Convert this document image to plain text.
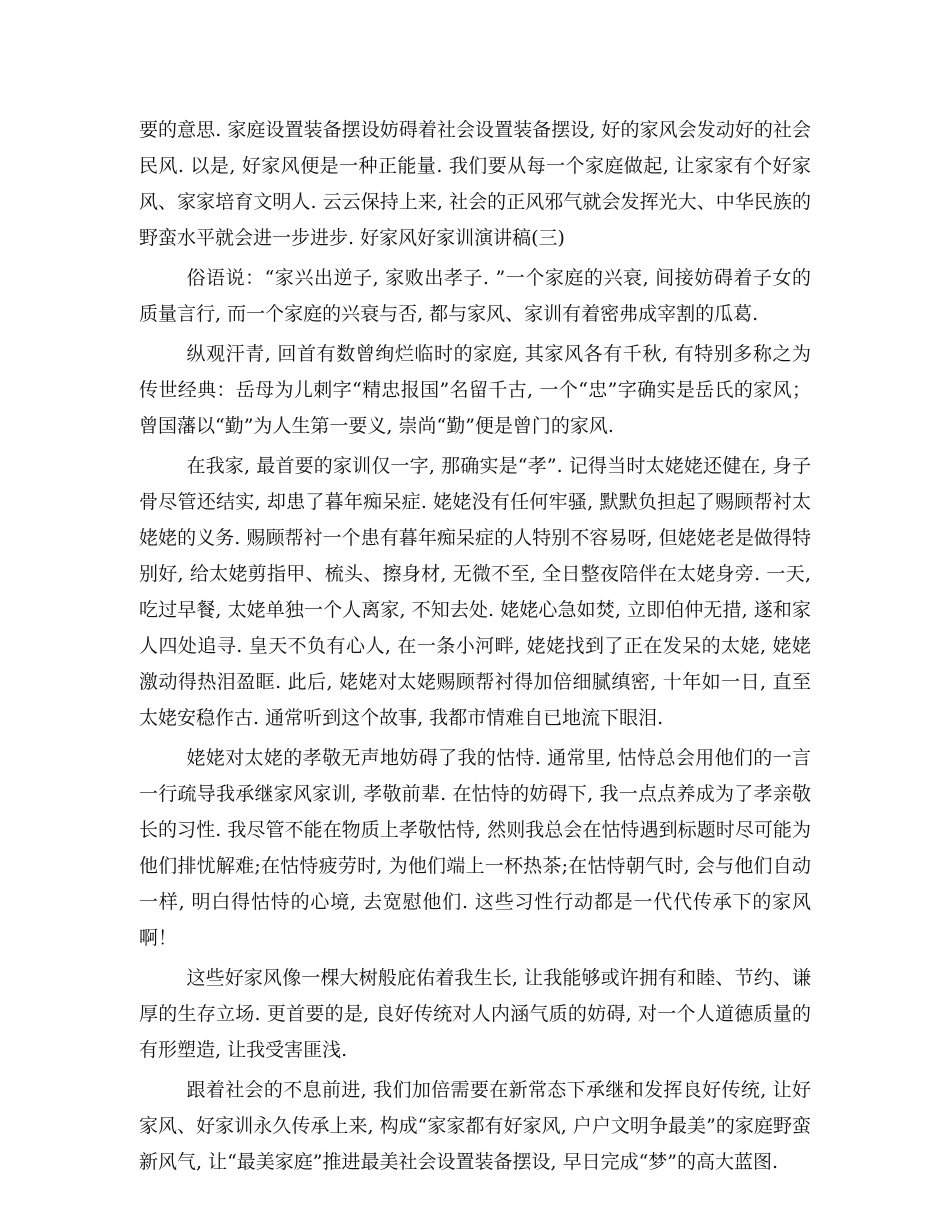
要的意思. 家庭设置装备摆设妨碍着社会设置装备摆设, 好的家风会发动好的社会民风. 以是, 好家风便是一种正能量. 我们要从每一个家庭做起, 让家家有个好家风、家家培育文明人. 云云保持上来, 社会的正风邪气就会发挥光大、中华民族的野蛮水平就会进一步进步. 好家风好家训演讲稿(三)

俗语说：“家兴出逆子, 家败出孝子. ”一个家庭的兴衰, 间接妨碍着子女的质量言行, 而一个家庭的兴衰与否, 都与家风、家训有着密弗成宰割的瓜葛.

纵观汗青, 回首有数曾绚烂临时的家庭, 其家风各有千秋, 有特别多称之为传世经典：岳母为儿刺字“精忠报国”名留千古, 一个“忠”字确实是岳氏的家风；曾国藩以“勤”为人生第一要义, 崇尚“勤”便是曾门的家风.

在我家, 最首要的家训仅一字, 那确实是“孝”. 记得当时太姥姥还健在, 身子骨尽管还结实, 却患了暮年痴呆症. 姥姥没有任何牢骚, 默默负担起了赐顾帮衬太姥姥的义务. 赐顾帮衬一个患有暮年痴呆症的人特别不容易呀, 但姥姥老是做得特别好, 给太姥剪指甲、梳头、擦身材, 无微不至, 全日整夜陪伴在太姥身旁. 一天, 吃过早餐, 太姥单独一个人离家, 不知去处. 姥姥心急如焚, 立即伯仲无措, 遂和家人四处追寻. 皇天不负有心人, 在一条小河畔, 姥姥找到了正在发呆的太姥, 姥姥激动得热泪盈眶. 此后, 姥姥对太姥赐顾帮衬得加倍细腻缜密, 十年如一日, 直至太姥安稳作古. 通常听到这个故事, 我都市情难自已地流下眼泪.

姥姥对太姥的孝敬无声地妨碍了我的怙恃. 通常里, 怙恃总会用他们的一言一行疏导我承继家风家训, 孝敬前辈. 在怙恃的妨碍下, 我一点点养成为了孝亲敬长的习性. 我尽管不能在物质上孝敬怙恃, 然则我总会在怙恃遇到标题时尽可能为他们排忧解难;在怙恃疲劳时, 为他们端上一杯热茶;在怙恃朝气时, 会与他们自动一样, 明白得怙恃的心境, 去宽慰他们. 这些习性行动都是一代代传承下的家风啊！

这些好家风像一棵大树般庇佑着我生长, 让我能够或许拥有和睦、节约、谦厚的生存立场. 更首要的是, 良好传统对人内涵气质的妨碍, 对一个人道德质量的有形塑造, 让我受害匪浅.

跟着社会的不息前进, 我们加倍需要在新常态下承继和发挥良好传统, 让好家风、好家训永久传承上来, 构成“家家都有好家风, 户户文明争最美”的家庭野蛮新风气, 让“最美家庭”推进最美社会设置装备摆设, 早日完成“梦”的高大蓝图.
